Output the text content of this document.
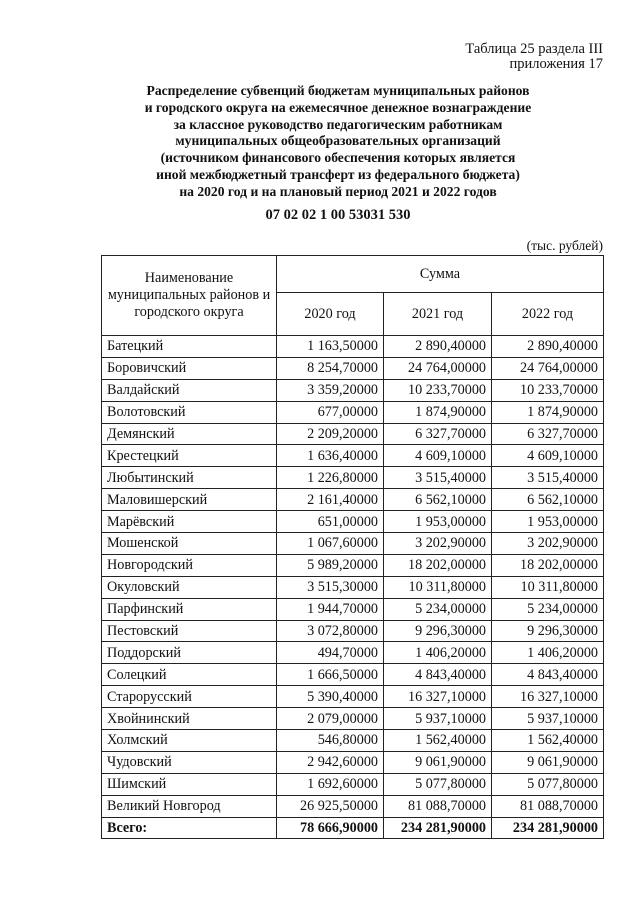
Таблица 25 раздела III
приложения 17
Распределение субвенций бюджетам муниципальных районов
и городского округа на ежемесячное денежное вознаграждение
за классное руководство педагогическим работникам
муниципальных общеобразовательных организаций
(источником финансового обеспечения которых является
иной межбюджетный трансферт из федерального бюджета)
на 2020 год и на плановый период 2021 и 2022 годов
07 02 02 1 00 53031 530
(тыс. рублей)
Наименование муниципальных районов и городского округа	Сумма		
	2020 год	2021 год	2022 год
Батецкий	1 163,50000	2 890,40000	2 890,40000
Боровичский	8 254,70000	24 764,00000	24 764,00000
Валдайский	3 359,20000	10 233,70000	10 233,70000
Волотовский	677,00000	1 874,90000	1 874,90000
Демянский	2 209,20000	6 327,70000	6 327,70000
Крестецкий	1 636,40000	4 609,10000	4 609,10000
Любытинский	1 226,80000	3 515,40000	3 515,40000
Маловишерский	2 161,40000	6 562,10000	6 562,10000
Марёвский	651,00000	1 953,00000	1 953,00000
Мошенской	1 067,60000	3 202,90000	3 202,90000
Новгородский	5 989,20000	18 202,00000	18 202,00000
Окуловский	3 515,30000	10 311,80000	10 311,80000
Парфинский	1 944,70000	5 234,00000	5 234,00000
Пестовский	3 072,80000	9 296,30000	9 296,30000
Поддорский	494,70000	1 406,20000	1 406,20000
Солецкий	1 666,50000	4 843,40000	4 843,40000
Старорусский	5 390,40000	16 327,10000	16 327,10000
Хвойнинский	2 079,00000	5 937,10000	5 937,10000
Холмский	546,80000	1 562,40000	1 562,40000
Чудовский	2 942,60000	9 061,90000	9 061,90000
Шимский	1 692,60000	5 077,80000	5 077,80000
Великий Новгород	26 925,50000	81 088,70000	81 088,70000
Всего:	78 666,90000	234 281,90000	234 281,90000
